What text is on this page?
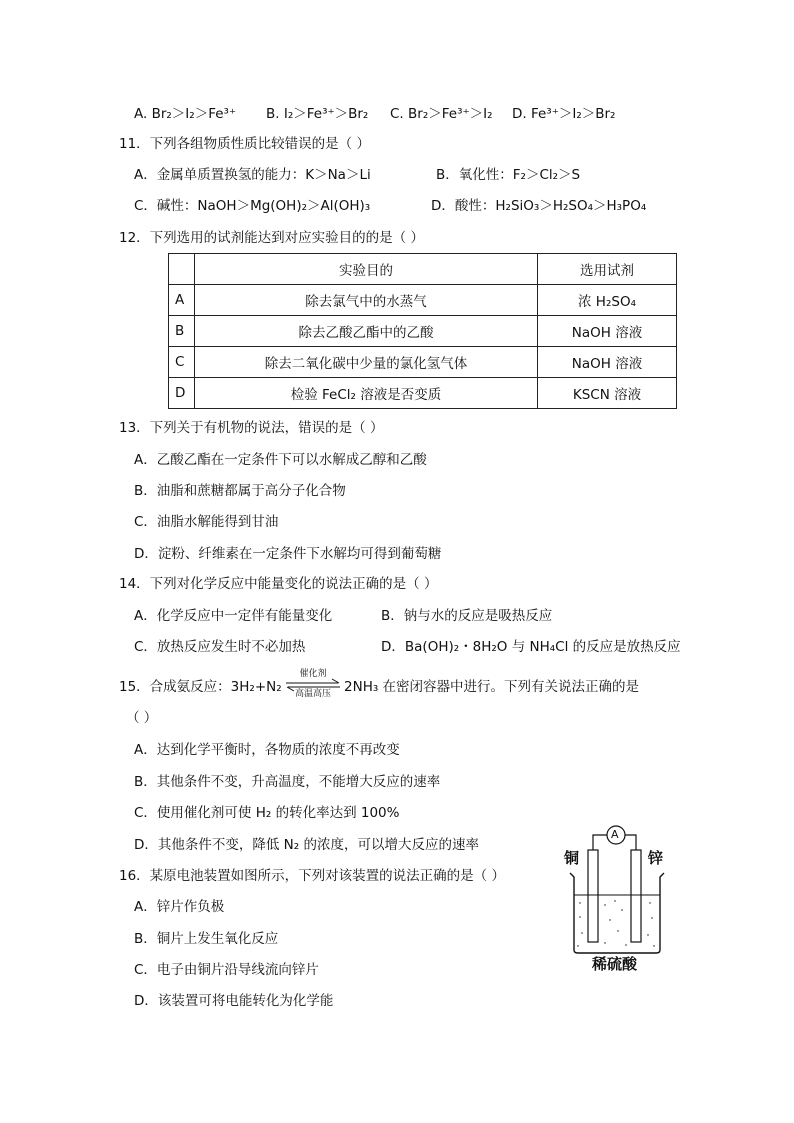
A. Br₂＞I₂＞Fe³⁺ B. I₂＞Fe³⁺＞Br₂ C. Br₂＞Fe³⁺＞I₂ D. Fe³⁺＞I₂＞Br₂
11．下列各组物质性质比较错误的是（ ）
A．金属单质置换氢的能力：K＞Na＞Li	B．氧化性：F₂＞Cl₂＞S
C．碱性：NaOH＞Mg(OH)₂＞Al(OH)₃	D．酸性：H₂SiO₃＞H₂SO₄＞H₃PO₄
12．下列选用的试剂能达到对应实验目的的是（ ）
	实验目的	选用试剂
A	除去氯气中的水蒸气	浓 H₂SO₄
B	除去乙酸乙酯中的乙酸	NaOH 溶液
C	除去二氧化碳中少量的氯化氢气体	NaOH 溶液
D	检验 FeCl₂ 溶液是否变质	KSCN 溶液
13．下列关于有机物的说法，错误的是（ ）
A．乙酸乙酯在一定条件下可以水解成乙醇和乙酸
B．油脂和蔗糖都属于高分子化合物
C．油脂水解能得到甘油
D．淀粉、纤维素在一定条件下水解均可得到葡萄糖
14．下列对化学反应中能量变化的说法正确的是（ ）
A．化学反应中一定伴有能量变化	B．钠与水的反应是吸热反应
C．放热反应发生时不必加热	D．Ba(OH)₂・8H₂O 与 NH₄Cl 的反应是放热反应
15．合成氨反应：3H₂+N₂
催化剂
高温高压 2NH₃ 在密闭容器中进行。下列有关说法正确的是
（ ）
A．达到化学平衡时，各物质的浓度不再改变
B．其他条件不变，升高温度，不能增大反应的速率
C．使用催化剂可使 H₂ 的转化率达到 100%
D．其他条件不变，降低 N₂ 的浓度，可以增大反应的速率
16．某原电池装置如图所示，下列对该装置的说法正确的是（ ）
A．锌片作负极
B．铜片上发生氧化反应
C．电子由铜片沿导线流向锌片
D．该装置可将电能转化为化学能
A
铜	锌
稀硫酸
